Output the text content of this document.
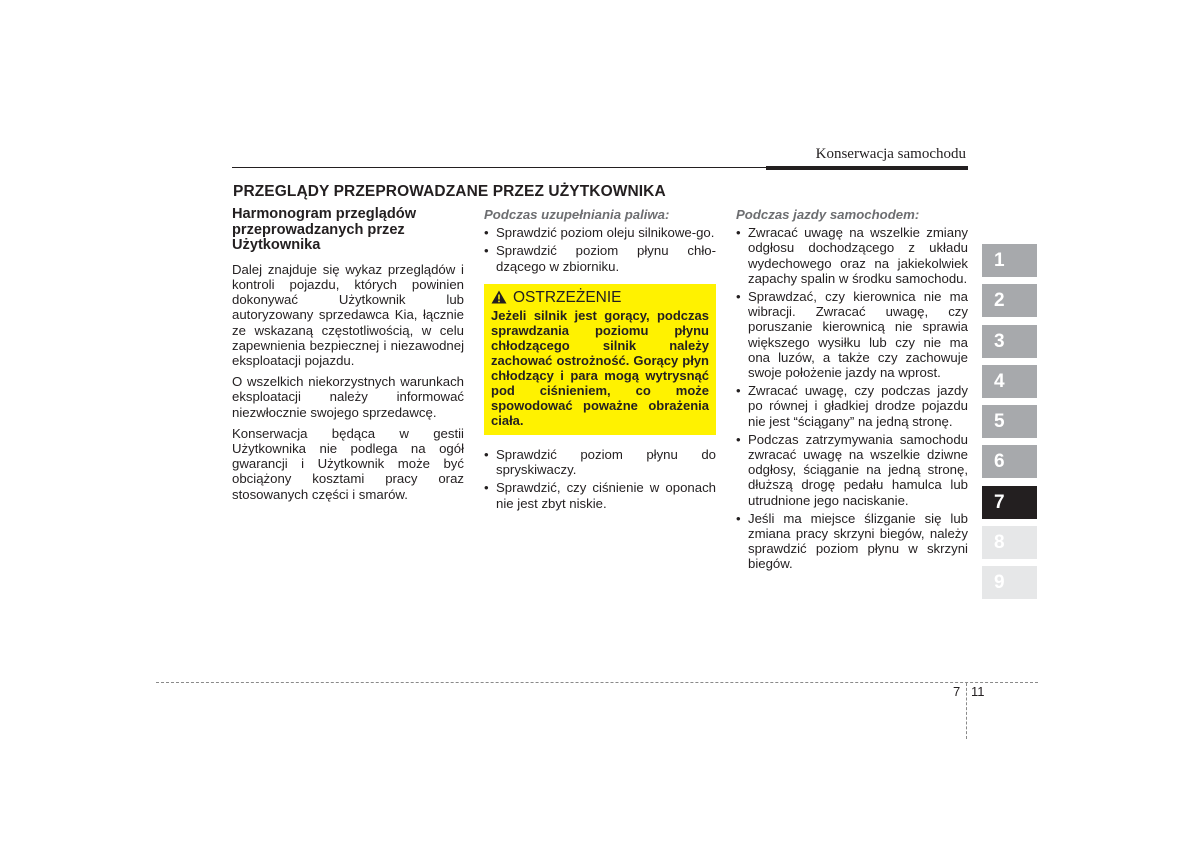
Konserwacja samochodu
PRZEGLĄDY PRZEPROWADZANE PRZEZ UŻYTKOWNIKA
Harmonogram przeglądów przeprowadzanych przez Użytkownika

Dalej znajduje się wykaz przeglądów i kontroli pojazdu, których powinien dokonywać Użytkownik lub autoryzowany sprzedawca Kia, łącznie ze wskazaną częstotliwością, w celu zapewnienia bezpiecznej i niezawodnej eksploatacji pojazdu.

O wszelkich niekorzystnych warunkach eksploatacji należy informować niezwłocznie swojego sprzedawcę.

Konserwacja będąca w gestii Użytkownika nie podlega na ogół gwarancji i Użytkownik może być obciążony kosztami pracy oraz stosowanych części i smarów.

Podczas uzupełniania paliwa:
• Sprawdzić poziom oleju silnikowe-go.
• Sprawdzić poziom płynu chło-dzącego w zbiorniku.
OSTRZEŻENIE
Jeżeli silnik jest gorący, podczas sprawdzania poziomu płynu chłodzącego silnik należy zachować ostrożność. Gorący płyn chłodzący i para mogą wytrysnąć pod ciśnieniem, co może spowodować poważne obrażenia ciała.
• Sprawdzić poziom płynu do spryskiwaczy.
• Sprawdzić, czy ciśnienie w oponach nie jest zbyt niskie.
Podczas jazdy samochodem:
• Zwracać uwagę na wszelkie zmiany odgłosu dochodzącego z układu wydechowego oraz na jakiekolwiek zapachy spalin w środku samochodu.
• Sprawdzać, czy kierownica nie ma wibracji. Zwracać uwagę, czy poruszanie kierownicą nie sprawia większego wysiłku lub czy nie ma ona luzów, a także czy zachowuje swoje położenie jazdy na wprost.
• Zwracać uwagę, czy podczas jazdy po równej i gładkiej drodze pojazdu nie jest “ściągany” na jedną stronę.
• Podczas zatrzymywania samochodu zwracać uwagę na wszelkie dziwne odgłosy, ściąganie na jedną stronę, dłuższą drogę pedału hamulca lub utrudnione jego naciskanie.
• Jeśli ma miejsce ślizganie się lub zmiana pracy skrzyni biegów, należy sprawdzić poziom płynu w skrzyni biegów.
1
2
3
4
5
6
7
8
9
7 11
